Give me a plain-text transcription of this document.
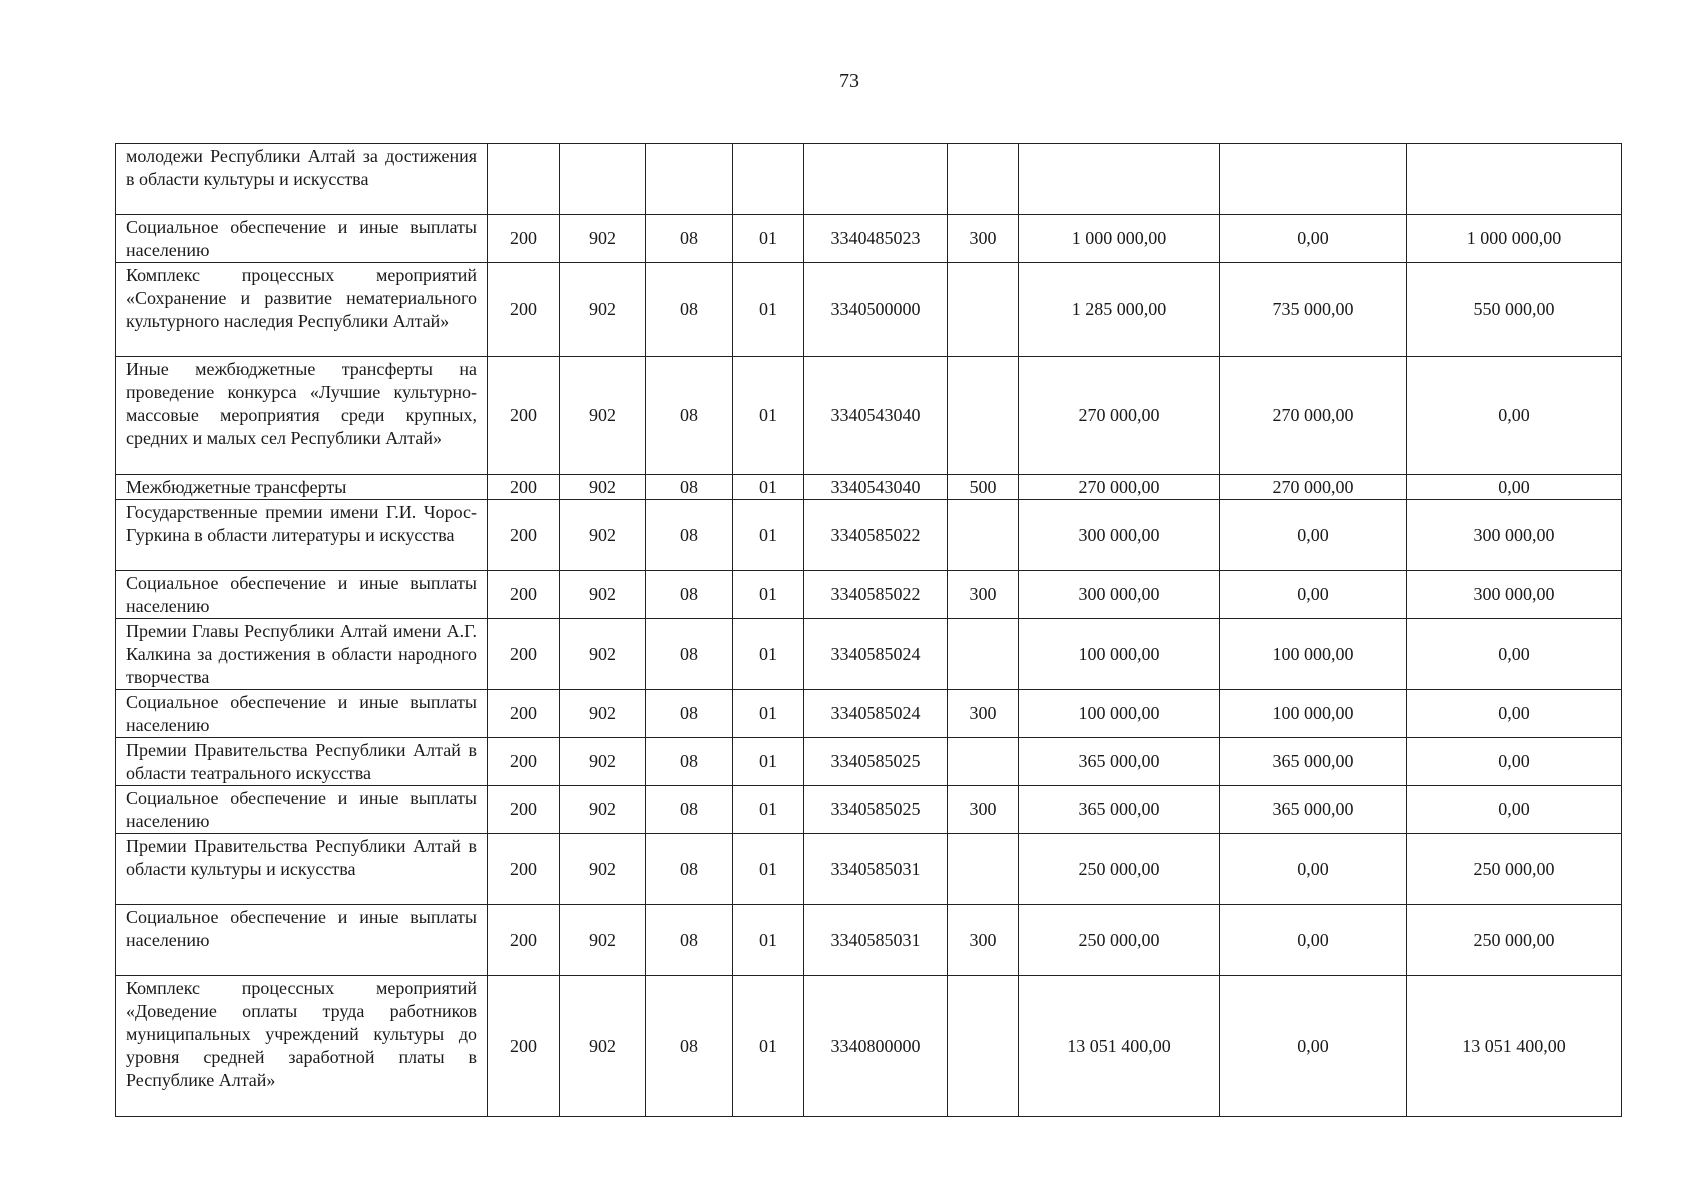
73
молодежи Республики Алтай за достижения в области культуры и искусства									

Социальное обеспечение и иные выплаты населению	200	902	08	01	3340485023	300	1 000 000,00	0,00	1 000 000,00

Комплекс процессных мероприятий «Сохранение и развитие нематериального культурного наследия Республики Алтай»	200	902	08	01	3340500000		1 285 000,00	735 000,00	550 000,00

Иные межбюджетные трансферты на проведение конкурса «Лучшие культурно-массовые мероприятия среди крупных, средних и малых сел Республики Алтай»	200	902	08	01	3340543040		270 000,00	270 000,00	0,00

Межбюджетные трансферты	200	902	08	01	3340543040	500	270 000,00	270 000,00	0,00

Государственные премии имени Г.И. Чорос-Гуркина в области литературы и искусства	200	902	08	01	3340585022		300 000,00	0,00	300 000,00

Социальное обеспечение и иные выплаты населению	200	902	08	01	3340585022	300	300 000,00	0,00	300 000,00

Премии Главы Республики Алтай имени А.Г. Калкина за достижения в области народного творчества	200	902	08	01	3340585024		100 000,00	100 000,00	0,00

Социальное обеспечение и иные выплаты населению	200	902	08	01	3340585024	300	100 000,00	100 000,00	0,00

Премии Правительства Республики Алтай в области театрального искусства	200	902	08	01	3340585025		365 000,00	365 000,00	0,00

Социальное обеспечение и иные выплаты населению	200	902	08	01	3340585025	300	365 000,00	365 000,00	0,00

Премии Правительства Республики Алтай в области культуры и искусства	200	902	08	01	3340585031		250 000,00	0,00	250 000,00

Социальное обеспечение и иные выплаты населению	200	902	08	01	3340585031	300	250 000,00	0,00	250 000,00

Комплекс процессных мероприятий «Доведение оплаты труда работников муниципальных учреждений культуры до уровня средней заработной платы в Республике Алтай»	200	902	08	01	3340800000		13 051 400,00	0,00	13 051 400,00
